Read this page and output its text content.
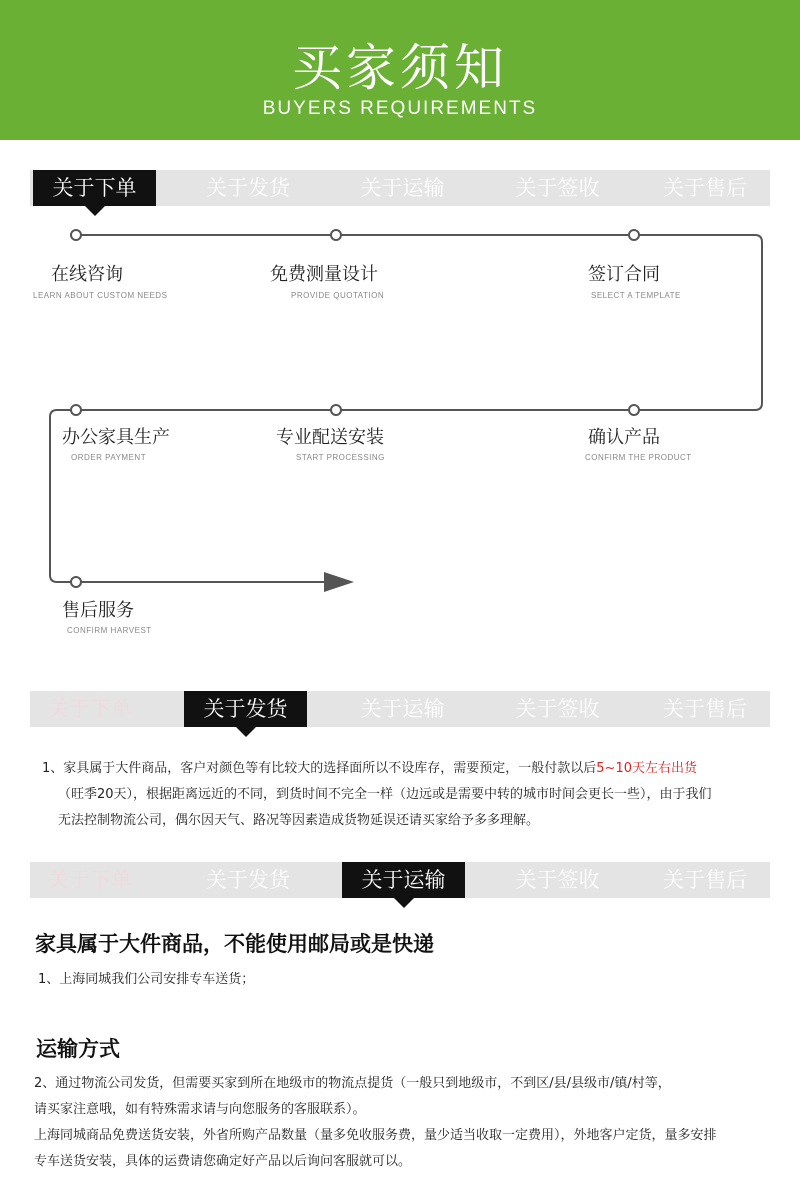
买家须知
BUYERS REQUIREMENTS
关于下单	关于发货	关于运输	关于签收	关于售后
在线咨询
LEARN ABOUT CUSTOM NEEDS
免费测量设计
PROVIDE QUOTATION
签订合同
SELECT A TEMPLATE
确认产品
CONFIRM THE PRODUCT
专业配送安装
START PROCESSING
办公家具生产
ORDER PAYMENT
售后服务
CONFIRM HARVEST
关于下单	关于发货	关于运输	关于签收	关于售后
1、家具属于大件商品，客户对颜色等有比较大的选择面所以不设库存，需要预定，一般付款以后5~10天左右出货
（旺季20天），根据距离远近的不同，到货时间不完全一样（边远或是需要中转的城市时间会更长一些），由于我们
无法控制物流公司，偶尔因天气、路况等因素造成货物延误还请买家给予多多理解。
关于下单	关于发货	关于运输	关于签收	关于售后
家具属于大件商品，不能使用邮局或是快递
1、上海同城我们公司安排专车送货；
运输方式
2、通过物流公司发货，但需要买家到所在地级市的物流点提货（一般只到地级市，不到区/县/县级市/镇/村等，
请买家注意哦，如有特殊需求请与向您服务的客服联系）。
上海同城商品免费送货安装，外省所购产品数量（量多免收服务费，量少适当收取一定费用），外地客户定货，量多安排
专车送货安装，具体的运费请您确定好产品以后询问客服就可以。
